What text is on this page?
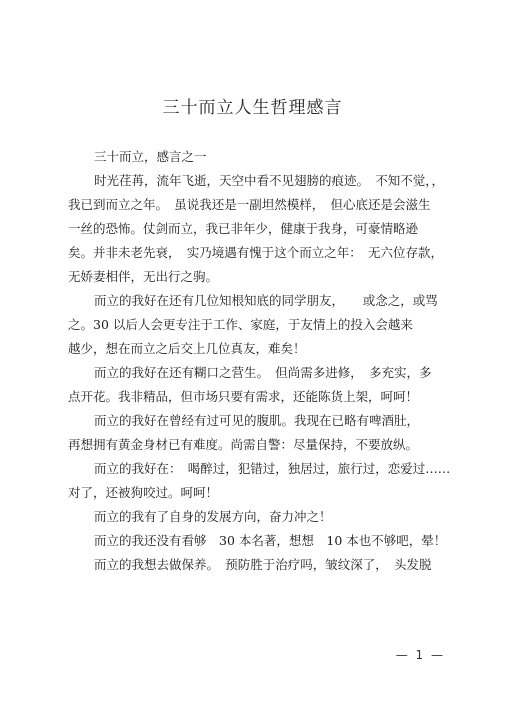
三十而立人生哲理感言
三十而立，感言之一
时光荏苒，流年飞逝，天空中看不见翅膀的痕迹。　不知不觉，，
我已到而立之年。　虽说我还是一副坦然模样，　但心底还是会滋生
一丝的恐怖。仗剑而立，我已非年少，健康于我身，可豪情略逊
矣。并非未老先衰，　实乃境遇有愧于这个而立之年：　无六位存款，
无娇妻相伴，无出行之驹。
而立的我好在还有几位知根知底的同学朋友，　　或念之，或骂
之。30 以后人会更专注于工作、家庭，于友情上的投入会越来
越少，想在而立之后交上几位真友，难矣！
而立的我好在还有糊口之营生。　但尚需多进修，　多充实，多
点开花。我非精品，但市场只要有需求，还能陈货上架，呵呵！
而立的我好在曾经有过可见的腹肌。我现在已略有啤酒肚，
再想拥有黄金身材已有难度。尚需自警：尽量保持，不要放纵。
而立的我好在：　喝醉过，犯错过，独居过，旅行过，恋爱过……
对了，还被狗咬过。呵呵！
而立的我有了自身的发展方向，奋力冲之！
而立的我还没有看够　30 本名著，想想　10 本也不够吧，晕！
而立的我想去做保养。　预防胜于治疗吗，皱纹深了，　头发脱
— 1 —
